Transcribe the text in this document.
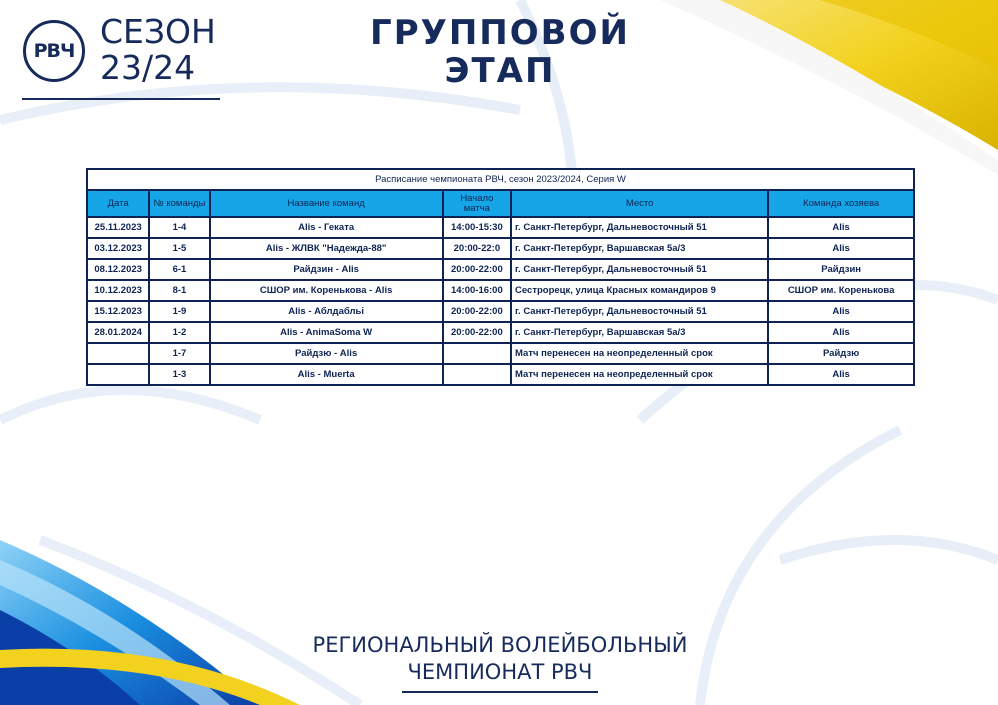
РВЧ СЕЗОН
23/24
ГРУППОВОЙ
ЭТАП
Расписание чемпионата РВЧ, сезон 2023/2024, Серия W					
Дата	№ команды	Название команд	Начало матча	Место	Команда хозяева
25.11.2023	1-4	Alis - Геката	14:00-15:30	г. Санкт-Петербург, Дальневосточный 51	Alis
03.12.2023	1-5	Alis - ЖЛВК "Надежда-88"	20:00-22:0	г. Санкт-Петербург, Варшавская 5а/3	Alis
08.12.2023	6-1	Райдзин - Alis	20:00-22:00	г. Санкт-Петербург, Дальневосточный 51	Райдзин
10.12.2023	8-1	СШОР им. Коренькова - Alis	14:00-16:00	Сестрорецк, улица Красных командиров 9	СШОР им. Коренькова
15.12.2023	1-9	Alis - Аблдабльі	20:00-22:00	г. Санкт-Петербург, Дальневосточный 51	Alis
28.01.2024	1-2	Alis - AnimaSoma W	20:00-22:00	г. Санкт-Петербург, Варшавская 5а/3	Alis
	1-7	Райдзю - Alis		Матч перенесен на неопределенный срок	Райдзю
	1-3	Alis - Muerta		Матч перенесен на неопределенный срок	Alis
РЕГИОНАЛЬНЫЙ ВОЛЕЙБОЛЬНЫЙ
ЧЕМПИОНАТ РВЧ
